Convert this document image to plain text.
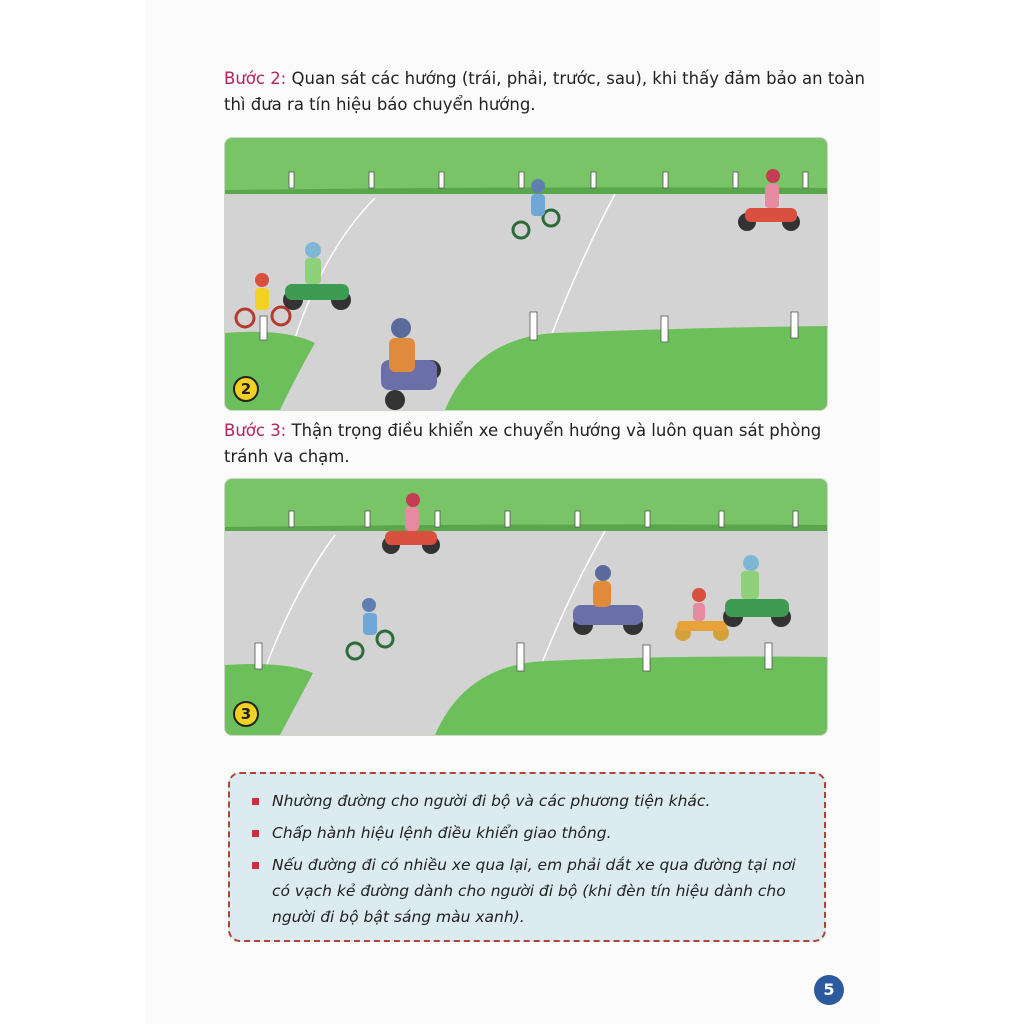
Bước 2: Quan sát các hướng (trái, phải, trước, sau), khi thấy đảm bảo an toàn
thì đưa ra tín hiệu báo chuyển hướng.
2
Bước 3: Thận trọng điều khiển xe chuyển hướng và luôn quan sát phòng
tránh va chạm.
3
Nhường đường cho người đi bộ và các phương tiện khác.
Chấp hành hiệu lệnh điều khiển giao thông.
Nếu đường đi có nhiều xe qua lại, em phải dắt xe qua đường tại nơi có vạch kẻ đường dành cho người đi bộ (khi đèn tín hiệu dành cho người đi bộ bật sáng màu xanh).
5
